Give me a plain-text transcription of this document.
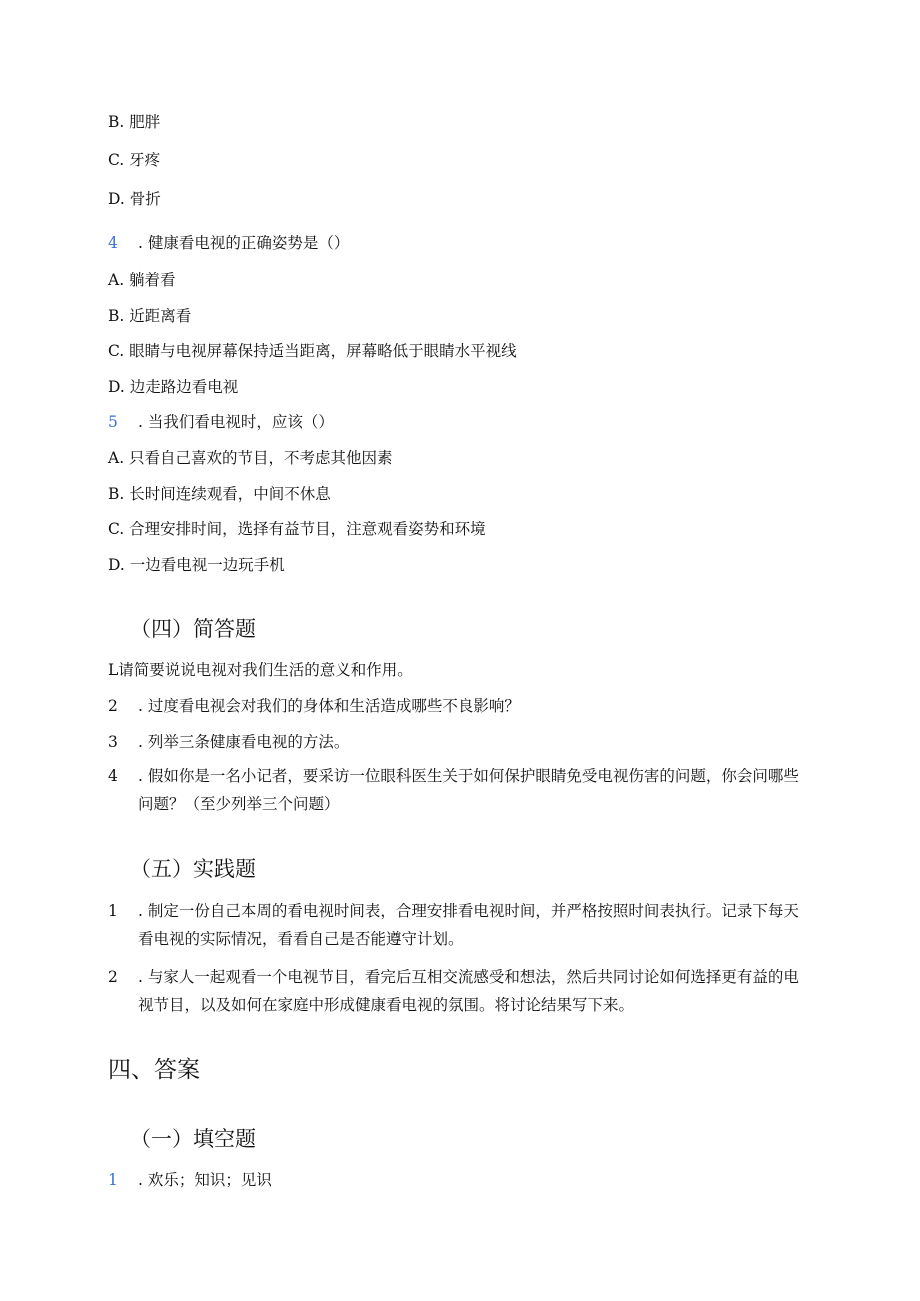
B. 肥胖
C. 牙疼
D. 骨折
4 . 健康看电视的正确姿势是（）
A. 躺着看
B. 近距离看
C. 眼睛与电视屏幕保持适当距离，屏幕略低于眼睛水平视线
D. 边走路边看电视
5 . 当我们看电视时，应该（）
A. 只看自己喜欢的节目，不考虑其他因素
B. 长时间连续观看，中间不休息
C. 合理安排时间，选择有益节目，注意观看姿势和环境
D. 一边看电视一边玩手机
（四）简答题
L请简要说说电视对我们生活的意义和作用。
2 . 过度看电视会对我们的身体和生活造成哪些不良影响？
3 . 列举三条健康看电视的方法。
4 . 假如你是一名小记者，要采访一位眼科医生关于如何保护眼睛免受电视伤害的问题，你会问哪些问题？（至少列举三个问题）
（五）实践题
1 . 制定一份自己本周的看电视时间表，合理安排看电视时间，并严格按照时间表执行。记录下每天看电视的实际情况，看看自己是否能遵守计划。
2 . 与家人一起观看一个电视节目，看完后互相交流感受和想法，然后共同讨论如何选择更有益的电视节目，以及如何在家庭中形成健康看电视的氛围。将讨论结果写下来。
四、答案
（一）填空题
1 . 欢乐；知识；见识
